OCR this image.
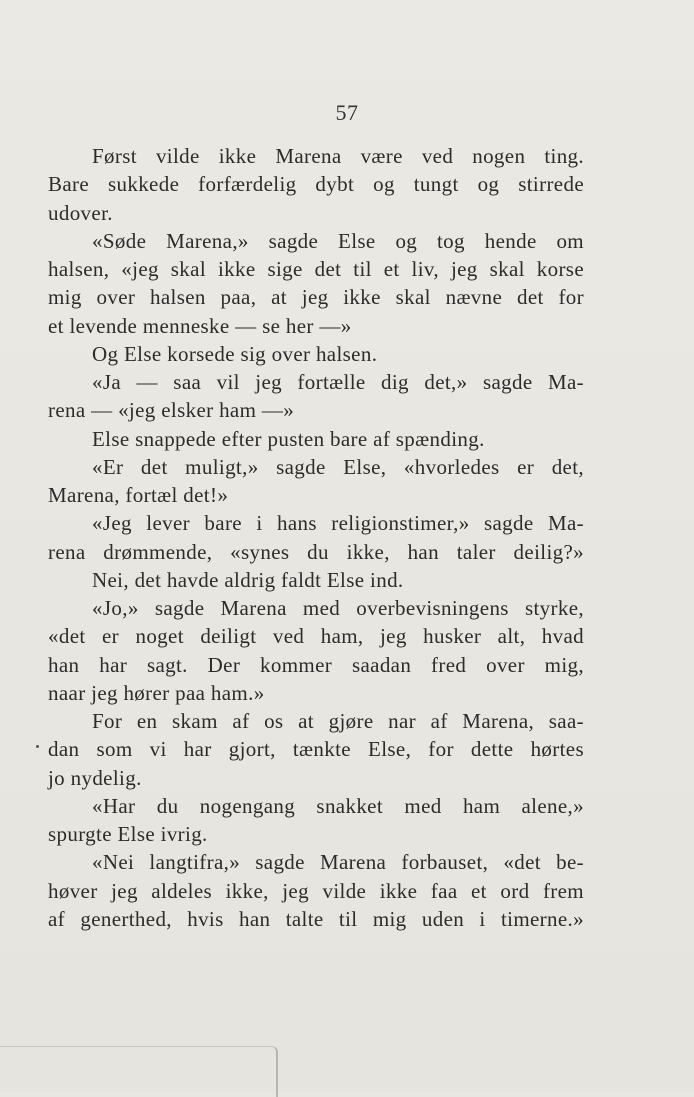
57
Først vilde ikke Marena være ved nogen ting.
Bare sukkede forfærdelig dybt og tungt og stirrede
udover.
«Søde Marena,» sagde Else og tog hende om
halsen, «jeg skal ikke sige det til et liv, jeg skal korse
mig over halsen paa, at jeg ikke skal nævne det for
et levende menneske — se her —»
Og Else korsede sig over halsen.
«Ja — saa vil jeg fortælle dig det,» sagde Ma-
rena — «jeg elsker ham —»
Else snappede efter pusten bare af spænding.
«Er det muligt,» sagde Else, «hvorledes er det,
Marena, fortæl det!»
«Jeg lever bare i hans religionstimer,» sagde Ma-
rena drømmende, «synes du ikke, han taler deilig?»
Nei, det havde aldrig faldt Else ind.
«Jo,» sagde Marena med overbevisningens styrke,
«det er noget deiligt ved ham, jeg husker alt, hvad
han har sagt. Der kommer saadan fred over mig,
naar jeg hører paa ham.»
For en skam af os at gjøre nar af Marena, saa-
dan som vi har gjort, tænkte Else, for dette hørtes
jo nydelig.
«Har du nogengang snakket med ham alene,»
spurgte Else ivrig.
«Nei langtifra,» sagde Marena forbauset, «det be-
høver jeg aldeles ikke, jeg vilde ikke faa et ord frem
af generthed, hvis han talte til mig uden i timerne.»
